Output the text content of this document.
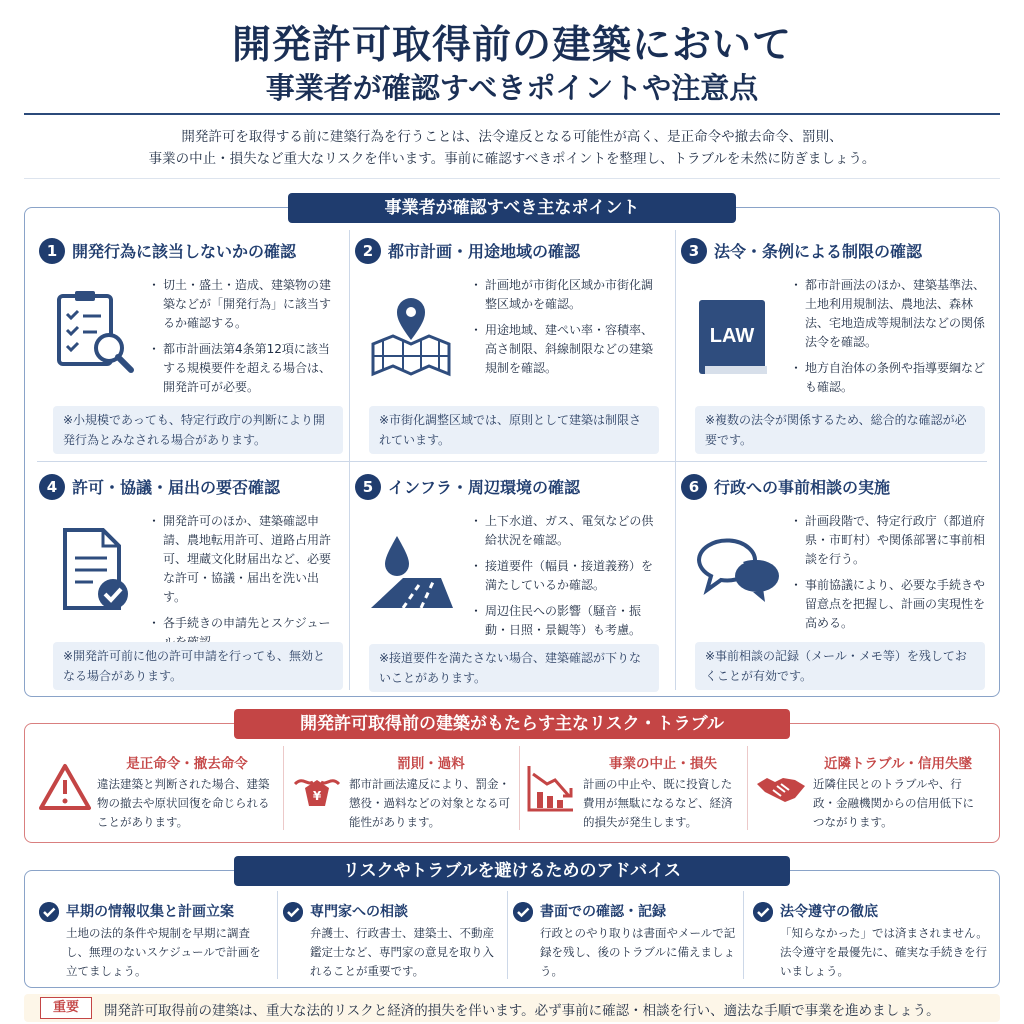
開発許可取得前の建築において
事業者が確認すべきポイントや注意点
開発許可を取得する前に建築行為を行うことは、法令違反となる可能性が高く、是正命令や撤去命令、罰則、
事業の中止・損失など重大なリスクを伴います。事前に確認すべきポイントを整理し、トラブルを未然に防ぎましょう。
事業者が確認すべき主なポイント
1 開発行為に該当しないかの確認
・ 切土・盛土・造成、建築物の建築などが「開発行為」に該当するか確認する。
・ 都市計画法第4条第12項に該当する規模要件を超える場合は、開発許可が必要。
※小規模であっても、特定行政庁の判断により開発行為とみなされる場合があります。
2 都市計画・用途地域の確認
・ 計画地が市街化区域か市街化調整区域かを確認。
・ 用途地域、建ぺい率・容積率、高さ制限、斜線制限などの建築規制を確認。
※市街化調整区域では、原則として建築は制限されています。
3 法令・条例による制限の確認
LAW
・ 都市計画法のほか、建築基準法、土地利用規制法、農地法、森林法、宅地造成等規制法などの関係法令を確認。
・ 地方自治体の条例や指導要綱なども確認。
※複数の法令が関係するため、総合的な確認が必要です。
4 許可・協議・届出の要否確認
・ 開発許可のほか、建築確認申請、農地転用許可、道路占用許可、埋蔵文化財届出など、必要な許可・協議・届出を洗い出す。
・ 各手続きの申請先とスケジュー
※開発許可前に他の許可申請を行っても、無効となる場合があります。
5 インフラ・周辺環境の確認
・ 上下水道、ガス、電気などの供給状況を確認。
・ 接道要件（幅員・接道義務）を満たしているか確認。
・ 周辺住民への影響（騒音・振動・日照・景観等）も考慮。
※接道要件を満たさない場合、建築確認が下りないことがあります。
6 行政への事前相談の実施
・ 計画段階で、特定行政庁（都道府県・市町村）や関係部署に事前相談を行う。
・ 事前協議により、必要な手続きや留意点を把握し、計画の実現性を高める。
※事前相談の記録（メール・メモ等）を残しておくことが有効です。
開発許可取得前の建築がもたらす主なリスク・トラブル
是正命令・撤去命令
違法建築と判断された場合、建築物の撤去や原状回復を命じられることがあります。
¥
罰則・過料
都市計画法違反により、罰金・懲役・過料などの対象となる可能性があります。
事業の中止・損失
計画の中止や、既に投資した費用が無駄になるなど、経済的損失が発生します。
近隣トラブル・信用失墜
近隣住民とのトラブルや、行政・金融機関からの信用低下につながります。
リスクやトラブルを避けるためのアドバイス
早期の情報収集と計画立案
土地の法的条件や規制を早期に調査し、無理のないスケジュールで計画を立てましょう。
専門家への相談
弁護士、行政書士、建築士、不動産鑑定士など、専門家の意見を取り入れることが重要です。
書面での確認・記録
行政とのやり取りは書面やメールで記録を残し、後のトラブルに備えましょう。
法令遵守の徹底
「知らなかった」では済まされません。法令遵守を最優先に、確実な手続きを行いましょう。
重要	開発許可取得前の建築は、重大な法的リスクと経済的損失を伴います。必ず事前に確認・相談を行い、適法な手順で事業を進めましょう。
